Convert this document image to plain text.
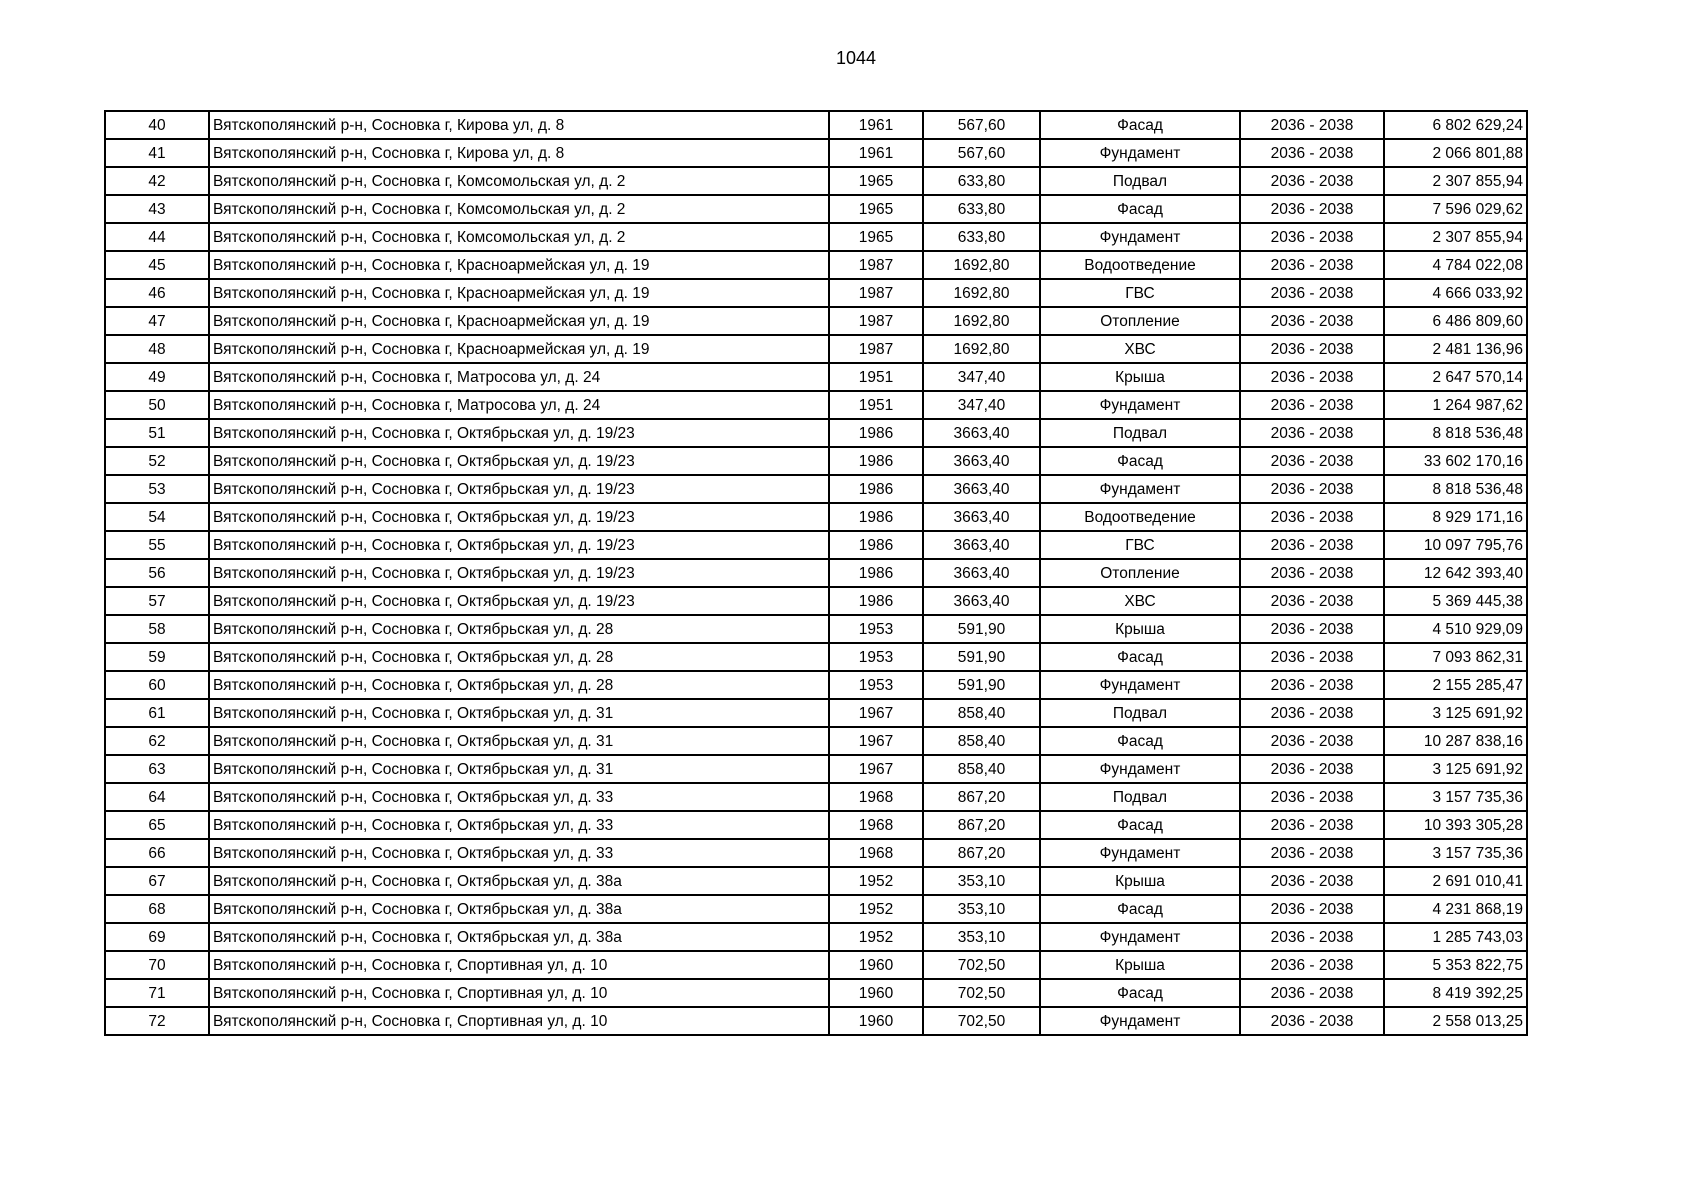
1044
40	Вятскополянский р-н, Сосновка г, Кирова ул, д. 8	1961	567,60	Фасад	2036 - 2038	6 802 629,24
41	Вятскополянский р-н, Сосновка г, Кирова ул, д. 8	1961	567,60	Фундамент	2036 - 2038	2 066 801,88
42	Вятскополянский р-н, Сосновка г, Комсомольская ул, д. 2	1965	633,80	Подвал	2036 - 2038	2 307 855,94
43	Вятскополянский р-н, Сосновка г, Комсомольская ул, д. 2	1965	633,80	Фасад	2036 - 2038	7 596 029,62
44	Вятскополянский р-н, Сосновка г, Комсомольская ул, д. 2	1965	633,80	Фундамент	2036 - 2038	2 307 855,94
45	Вятскополянский р-н, Сосновка г, Красноармейская ул, д. 19	1987	1692,80	Водоотведение	2036 - 2038	4 784 022,08
46	Вятскополянский р-н, Сосновка г, Красноармейская ул, д. 19	1987	1692,80	ГВС	2036 - 2038	4 666 033,92
47	Вятскополянский р-н, Сосновка г, Красноармейская ул, д. 19	1987	1692,80	Отопление	2036 - 2038	6 486 809,60
48	Вятскополянский р-н, Сосновка г, Красноармейская ул, д. 19	1987	1692,80	ХВС	2036 - 2038	2 481 136,96
49	Вятскополянский р-н, Сосновка г, Матросова ул, д. 24	1951	347,40	Крыша	2036 - 2038	2 647 570,14
50	Вятскополянский р-н, Сосновка г, Матросова ул, д. 24	1951	347,40	Фундамент	2036 - 2038	1 264 987,62
51	Вятскополянский р-н, Сосновка г, Октябрьская ул, д. 19/23	1986	3663,40	Подвал	2036 - 2038	8 818 536,48
52	Вятскополянский р-н, Сосновка г, Октябрьская ул, д. 19/23	1986	3663,40	Фасад	2036 - 2038	33 602 170,16
53	Вятскополянский р-н, Сосновка г, Октябрьская ул, д. 19/23	1986	3663,40	Фундамент	2036 - 2038	8 818 536,48
54	Вятскополянский р-н, Сосновка г, Октябрьская ул, д. 19/23	1986	3663,40	Водоотведение	2036 - 2038	8 929 171,16
55	Вятскополянский р-н, Сосновка г, Октябрьская ул, д. 19/23	1986	3663,40	ГВС	2036 - 2038	10 097 795,76
56	Вятскополянский р-н, Сосновка г, Октябрьская ул, д. 19/23	1986	3663,40	Отопление	2036 - 2038	12 642 393,40
57	Вятскополянский р-н, Сосновка г, Октябрьская ул, д. 19/23	1986	3663,40	ХВС	2036 - 2038	5 369 445,38
58	Вятскополянский р-н, Сосновка г, Октябрьская ул, д. 28	1953	591,90	Крыша	2036 - 2038	4 510 929,09
59	Вятскополянский р-н, Сосновка г, Октябрьская ул, д. 28	1953	591,90	Фасад	2036 - 2038	7 093 862,31
60	Вятскополянский р-н, Сосновка г, Октябрьская ул, д. 28	1953	591,90	Фундамент	2036 - 2038	2 155 285,47
61	Вятскополянский р-н, Сосновка г, Октябрьская ул, д. 31	1967	858,40	Подвал	2036 - 2038	3 125 691,92
62	Вятскополянский р-н, Сосновка г, Октябрьская ул, д. 31	1967	858,40	Фасад	2036 - 2038	10 287 838,16
63	Вятскополянский р-н, Сосновка г, Октябрьская ул, д. 31	1967	858,40	Фундамент	2036 - 2038	3 125 691,92
64	Вятскополянский р-н, Сосновка г, Октябрьская ул, д. 33	1968	867,20	Подвал	2036 - 2038	3 157 735,36
65	Вятскополянский р-н, Сосновка г, Октябрьская ул, д. 33	1968	867,20	Фасад	2036 - 2038	10 393 305,28
66	Вятскополянский р-н, Сосновка г, Октябрьская ул, д. 33	1968	867,20	Фундамент	2036 - 2038	3 157 735,36
67	Вятскополянский р-н, Сосновка г, Октябрьская ул, д. 38а	1952	353,10	Крыша	2036 - 2038	2 691 010,41
68	Вятскополянский р-н, Сосновка г, Октябрьская ул, д. 38а	1952	353,10	Фасад	2036 - 2038	4 231 868,19
69	Вятскополянский р-н, Сосновка г, Октябрьская ул, д. 38а	1952	353,10	Фундамент	2036 - 2038	1 285 743,03
70	Вятскополянский р-н, Сосновка г, Спортивная ул, д. 10	1960	702,50	Крыша	2036 - 2038	5 353 822,75
71	Вятскополянский р-н, Сосновка г, Спортивная ул, д. 10	1960	702,50	Фасад	2036 - 2038	8 419 392,25
72	Вятскополянский р-н, Сосновка г, Спортивная ул, д. 10	1960	702,50	Фундамент	2036 - 2038	2 558 013,25
